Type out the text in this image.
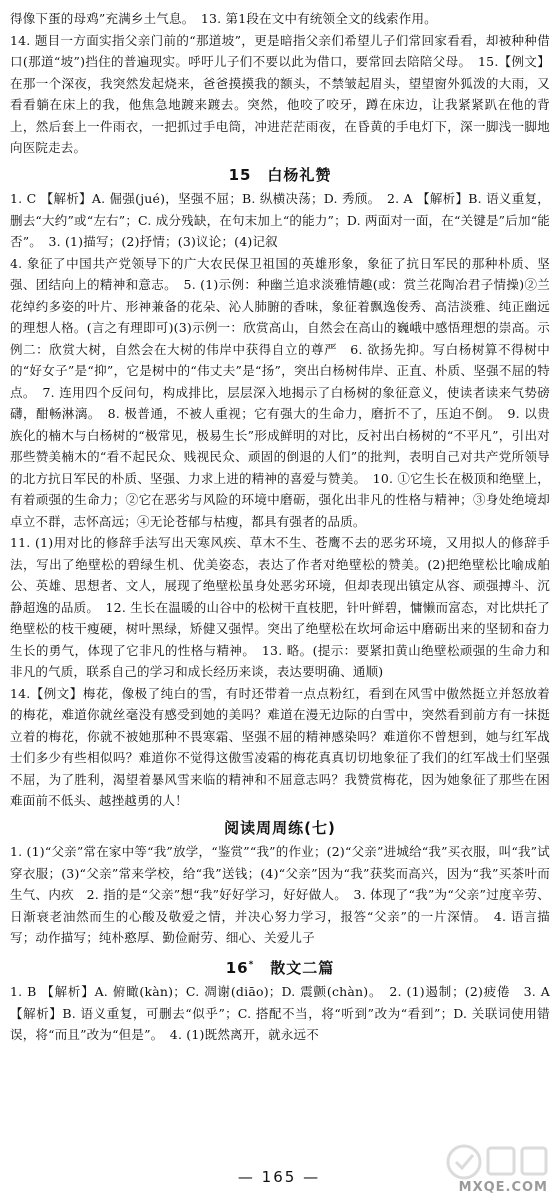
得像下蛋的母鸡”充满乡土气息。　13. 第1段在文中有统领全文的线索作用。

14. 题目一方面实指父亲门前的“那道坡”，更是暗指父亲们希望儿子们常回家看看，却被种种借口(那道“坡”)挡住的普遍现实。呼吁儿子们不要以此为借口，要常回去陪陪父母。　15.【例文】在那一个深夜，我突然发起烧来，爸爸摸摸我的额头，不禁皱起眉头，望望窗外狐泼的大雨，又看看躺在床上的我，他焦急地踱来踱去。突然，他咬了咬牙，蹲在床边，让我紧紧趴在他的背上，然后套上一件雨衣，一把抓过手电筒，冲进茫茫雨夜，在昏黄的手电灯下，深一脚浅一脚地向医院走去。

15　白杨礼赞

1. C 【解析】A. 倔强(jué)，坚强不屈；B. 纵横决荡；D. 秀颀。　2. A 【解析】B. 语义重复，删去“大约”或“左右”；C. 成分残缺，在句末加上“的能力”；D. 两面对一面，在“关键是”后加“能否”。　3. (1)描写；(2)抒情；(3)议论；(4)记叙

4. 象征了中国共产党领导下的广大农民保卫祖国的英雄形象，象征了抗日军民的那种朴质、坚强、团结向上的精神和意志。　5. (1)示例：种幽兰追求淡雅情趣(或：赏兰花陶冶君子情操)②兰花绰约多姿的叶片、形神兼备的花朵、沁人肺腑的香味，象征着飘逸俊秀、高洁淡雅、纯正幽远的理想人格。(言之有理即可)(3)示例一：欣赏高山，自然会在高山的巍峨中感悟理想的崇高。示例二：欣赏大树，自然会在大树的伟岸中获得自立的尊严　6. 欲扬先抑。写白杨树算不得树中的“好女子”是“抑”，它是树中的“伟丈夫”是“扬”，突出白杨树伟岸、正直、朴质、坚强不屈的特点。　7. 连用四个反问句，构成排比，层层深入地揭示了白杨树的象征意义，使读者读来气势磅礴，酣畅淋漓。　8. 极普通，不被人重视；它有强大的生命力，磨折不了，压迫不倒。　9. 以贵族化的楠木与白杨树的“极常见，极易生长”形成鲜明的对比，反衬出白杨树的“不平凡”，引出对那些赞美楠木的“看不起民众、贱视民众、顽固的倒退的人们”的批判，表明自己对共产党所领导的北方抗日军民的朴质、坚强、力求上进的精神的喜爱与赞美。　10. ①它生长在极顶和绝壁上，有着顽强的生命力；②它在恶劣与风险的环境中磨砺，强化出非凡的性格与精神；③身处绝境却卓立不群，志怀高远；④无论苍郁与枯瘦，都具有强者的品质。

11. (1)用对比的修辞手法写出天寒风疾、草木不生、苍鹰不去的恶劣环境，又用拟人的修辞手法，写出了绝壁松的碧绿生机、优美姿态，表达了作者对绝壁松的赞美。(2)把绝壁松比喻成舶公、英雄、思想者、文人，展现了绝壁松虽身处恶劣环境，但却表现出镇定从容、顽强搏斗、沉静超逸的品质。　12. 生长在温暖的山谷中的松树干直枝肥，针叶鲜碧，慵懒而富态，对比烘托了绝壁松的枝干瘦硬，树叶黑绿，矫健又强悍。突出了绝壁松在坎坷命运中磨砺出来的坚韧和奋力生长的勇气，体现了它非凡的性格与精神。　13. 略。(提示：要紧扣黄山绝壁松顽强的生命力和非凡的气质，联系自己的学习和成长经历来谈，表达要明确、通顺)

14.【例文】梅花，像极了纯白的雪，有时还带着一点点粉红，看到在风雪中傲然挺立并怒放着的梅花，难道你就丝毫没有感受到她的美吗？难道在漫无边际的白雪中，突然看到前方有一抹挺立着的梅花，你就不被她那种不畏寒霜、坚强不屈的精神感染吗？难道你不曾想到，她与红军战士们多少有些相似吗？难道你不觉得这傲雪凌霜的梅花真真切切地象征了我们的红军战士们坚强不屈，为了胜利，渴望着暴风雪来临的精神和不屈意志吗？我赞赏梅花，因为她象征了那些在困难面前不低头、越挫越勇的人！

阅读周周练(七)

1. (1)“父亲”常在家中等“我”放学，“鉴赏”“我”的作业；(2)“父亲”进城给“我”买衣服，叫“我”试穿衣服；(3)“父亲”常来学校，给“我”送钱；(4)“父亲”因为“我”获奖而高兴，因为“我”买茶叶而生气、内疚　2. 指的是“父亲”想“我”好好学习，好好做人。　3. 体现了“我”为“父亲”过度辛劳、日渐衰老油然而生的心酸及敬爱之情，并决心努力学习，报答“父亲”的一片深情。　4. 语言描写；动作描写；纯朴憨厚、勤俭耐劳、细心、关爱儿子

16*　散文二篇

1. B 【解析】A. 俯瞰(kàn)；C. 凋谢(diāo)；D. 震颤(chàn)。　2. (1)遏制；(2)疲倦　3. A 【解析】B. 语义重复，可删去“似乎”；C. 搭配不当，将“听到”改为“看到”；D. 关联词使用错误，将“而且”改为“但是”。　4. (1)既然离开，就永远不

— 165 —
MXQE.COM
